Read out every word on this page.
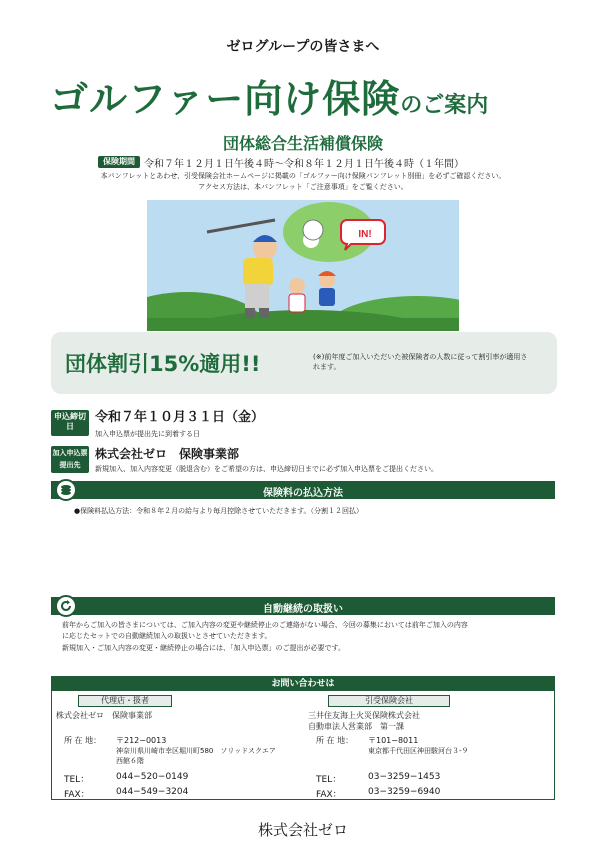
ゼログループの皆さまへ
ゴルファー向け保険のご案内
団体総合生活補償保険
保険期間 令和７年１２月１日午後４時～令和８年１２月１日午後４時（１年間）
本パンフレットとあわせ、引受保険会社ホームページに掲載の「ゴルファー向け保険パンフレット別冊」を必ずご確認ください。
アクセス方法は、本パンフレット「ご注意事項」をご覧ください。
IN!
団体割引15%適用!!	(※)前年度ご加入いただいた被保険者の人数に従って割引率が適用されます。
申込締切日
令和７年１０月３１日（金）
加入申込票が提出先に到着する日
加入申込票提出先
株式会社ゼロ　保険事業部
新規加入、加入内容変更（脱退含む）をご希望の方は、申込締切日までに必ず加入申込票をご提出ください。
保険料の払込方法
●保険料払込方法：令和８年２月の給与より毎月控除させていただきます。（分割１２回払）
自動継続の取扱い
前年からご加入の皆さまについては、ご加入内容の変更や継続停止のご連絡がない場合、今回の募集においては前年ご加入の内容
に応じたセットでの自動継続加入の取扱いとさせていただきます。
新規加入・ご加入内容の変更・継続停止の場合には、「加入申込票」のご提出が必要です。
お問い合わせは
代理店・扱者
株式会社ゼロ　保険事業部
所 在 地：	〒212−0013
神奈川県川崎市幸区堀川町580　ソリッドスクエア
西館６階
TEL：	044−520−0149
FAX：	044−549−3204
引受保険会社
三井住友海上火災保険株式会社
自動車法人営業部　第一課
所 在 地：	〒101−8011
東京都千代田区神田駿河台３-９
TEL：	03−3259−1453
FAX：	03−3259−6940
株式会社ゼロ
